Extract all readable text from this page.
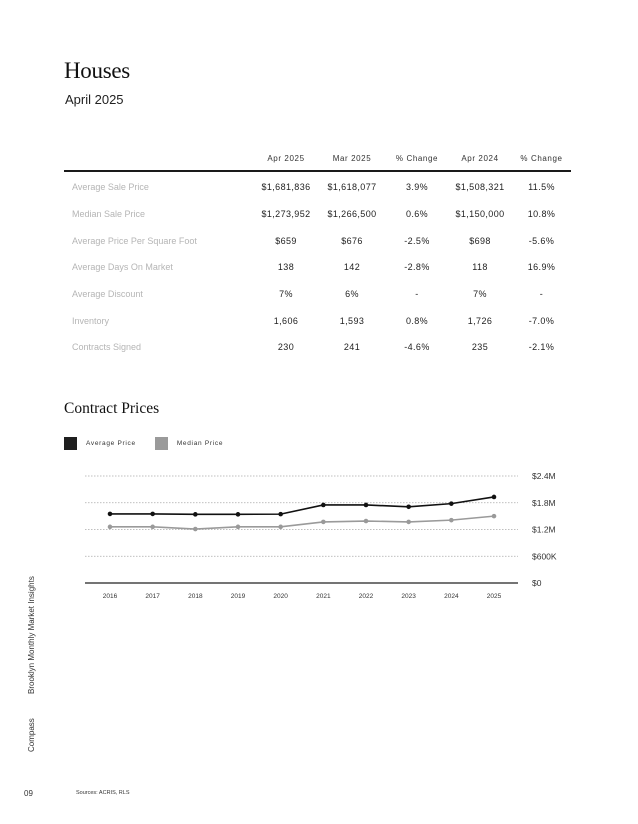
Houses
April 2025
	Apr 2025	Mar 2025	% Change	Apr 2024	% Change
Average Sale Price	$1,681,836	$1,618,077	3.9%	$1,508,321	11.5%
Median Sale Price	$1,273,952	$1,266,500	0.6%	$1,150,000	10.8%
Average Price Per Square Foot	$659	$676	-2.5%	$698	-5.6%
Average Days On Market	138	142	-2.8%	118	16.9%
Average Discount	7%	6%	-	7%	-
Inventory	1,606	1,593	0.8%	1,726	-7.0%
Contracts Signed	230	241	-4.6%	235	-2.1%
Contract Prices
Average Price	Median Price
$0
$600K
$1.2M
$1.8M
$2.4M
2016	2017	2018	2019	2020	2021	2022	2023	2024	2025
Brooklyn Monthly Market Insights
Compass
09	Sources: ACRIS, RLS
